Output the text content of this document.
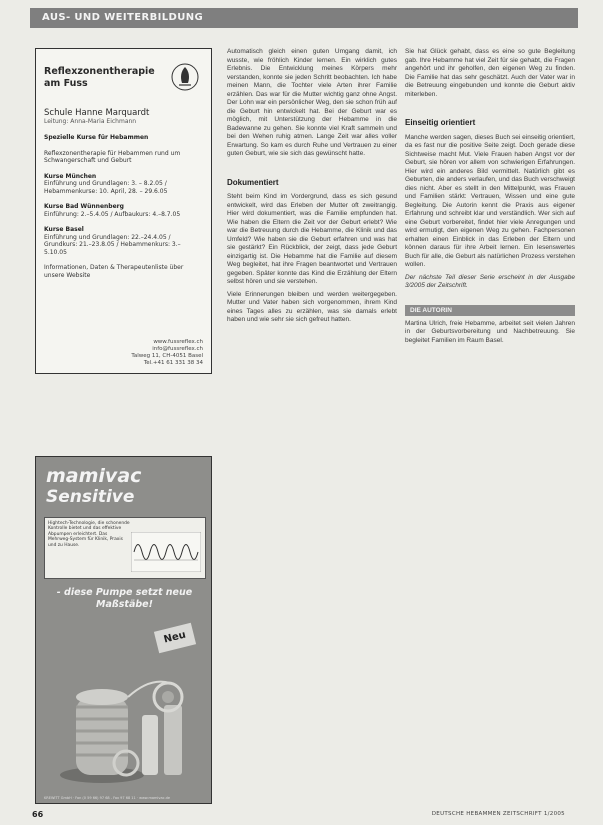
AUS- UND WEITERBILDUNG
Reflexzonentherapie am Fuss
Schule Hanne Marquardt
Leitung: Anna-Maria Eichmann
Spezielle Kurse für Hebammen
Reflexzonentherapie für Hebammen rund um Schwangerschaft und Geburt
Kurse München
Einführung und Grundlagen: 3. – 8.2.05 / Hebammenkurse: 10. April, 28. – 29.6.05
Kurse Bad Wünnenberg
Einführung: 2.–5.4.05 / Aufbaukurs: 4.–8.7.05
Kurse Basel
Einführung und Grundlagen: 22.–24.4.05 / Grundkurs: 21.–23.8.05 / Hebammenkurs: 3.–5.10.05
Informationen, Daten & Therapeutenliste über unsere Website
www.fussreflex.ch
info@fussreflex.ch
Talweg 11, CH-4051 Basel
Tel.+41 61 331 38 34
mamivac
Sensitive
Hightech-Technologie, die schonende Kontrolle bietet und das effektive Abpumpen erleichtert. Das Mehrweg-System für Klinik, Praxis und zu Hause.
- diese Pumpe setzt neue Maßstäbe!
Neu
KREWITT GmbH · Fon (0 59 66) 97 68 - Fax 97 68 11 · www.mamivac.de

Automatisch gleich einen guten Umgang damit, ich wusste, wie fröhlich Kinder lernen. Ein wirklich gutes Erlebnis. Die Entwicklung meines Körpers mehr verstanden, konnte sie jeden Schritt beobachten. Ich habe meinen Mann, die Tochter viele Arten ihrer Familie erzählen. Das war für die Mutter wichtig ganz ohne Angst. Der Lohn war ein persönlicher Weg, den sie schon früh auf die Geburt hin entwickelt hat. Bei der Geburt war es möglich, mit Unterstützung der Hebamme in die Badewanne zu gehen. Sie konnte viel Kraft sammeln und bei den Wehen ruhig atmen. Lange Zeit war alles voller Erwartung. So kam es durch Ruhe und Vertrauen zu einer guten Geburt, wie sie sich das gewünscht hatte.

Dokumentiert

Steht beim Kind im Vordergrund, dass es sich gesund entwickelt, wird das Erleben der Mutter oft zweitrangig. Hier wird dokumentiert, was die Familie empfunden hat. Wie haben die Eltern die Zeit vor der Geburt erlebt? Wie war die Betreuung durch die Hebamme, die Klinik und das Umfeld? Wie haben sie die Geburt erfahren und was hat sie gestärkt? Ein Rückblick, der zeigt, dass jede Geburt einzigartig ist. Die Hebamme hat die Familie auf diesem Weg begleitet, hat ihre Fragen beantwortet und Vertrauen gegeben. Später konnte das Kind die Erzählung der Eltern selbst hören und sie verstehen.

Viele Erinnerungen bleiben und werden weitergegeben. Mutter und Vater haben sich vorgenommen, ihrem Kind eines Tages alles zu erzählen, was sie damals erlebt haben und wie sehr sie sich gefreut hatten.

Sie hat Glück gehabt, dass es eine so gute Begleitung gab. Ihre Hebamme hat viel Zeit für sie gehabt, die Fragen angehört und ihr geholfen, den eigenen Weg zu finden. Die Familie hat das sehr geschätzt. Auch der Vater war in die Betreuung eingebunden und konnte die Geburt aktiv miterleben.

Einseitig orientiert

Manche werden sagen, dieses Buch sei einseitig orientiert, da es fast nur die positive Seite zeigt. Doch gerade diese Sichtweise macht Mut. Viele Frauen haben Angst vor der Geburt, sie hören vor allem von schwierigen Erfahrungen. Hier wird ein anderes Bild vermittelt. Natürlich gibt es Geburten, die anders verlaufen, und das Buch verschweigt dies nicht. Aber es stellt in den Mittelpunkt, was Frauen und Familien stärkt: Vertrauen, Wissen und eine gute Begleitung. Die Autorin kennt die Praxis aus eigener Erfahrung und schreibt klar und verständlich. Wer sich auf eine Geburt vorbereitet, findet hier viele Anregungen und wird ermutigt, den eigenen Weg zu gehen. Fachpersonen erhalten einen Einblick in das Erleben der Eltern und können daraus für ihre Arbeit lernen. Ein lesenswertes Buch für alle, die Geburt als natürlichen Prozess verstehen wollen.

Der nächste Teil dieser Serie erscheint in der Ausgabe 3/2005 der Zeitschrift.

DIE AUTORIN

Martina Ulrich, freie Hebamme, arbeitet seit vielen Jahren in der Geburtsvorbereitung und Nachbetreuung. Sie begleitet Familien im Raum Basel.

66	DEUTSCHE HEBAMMEN ZEITSCHRIFT 1/2005
